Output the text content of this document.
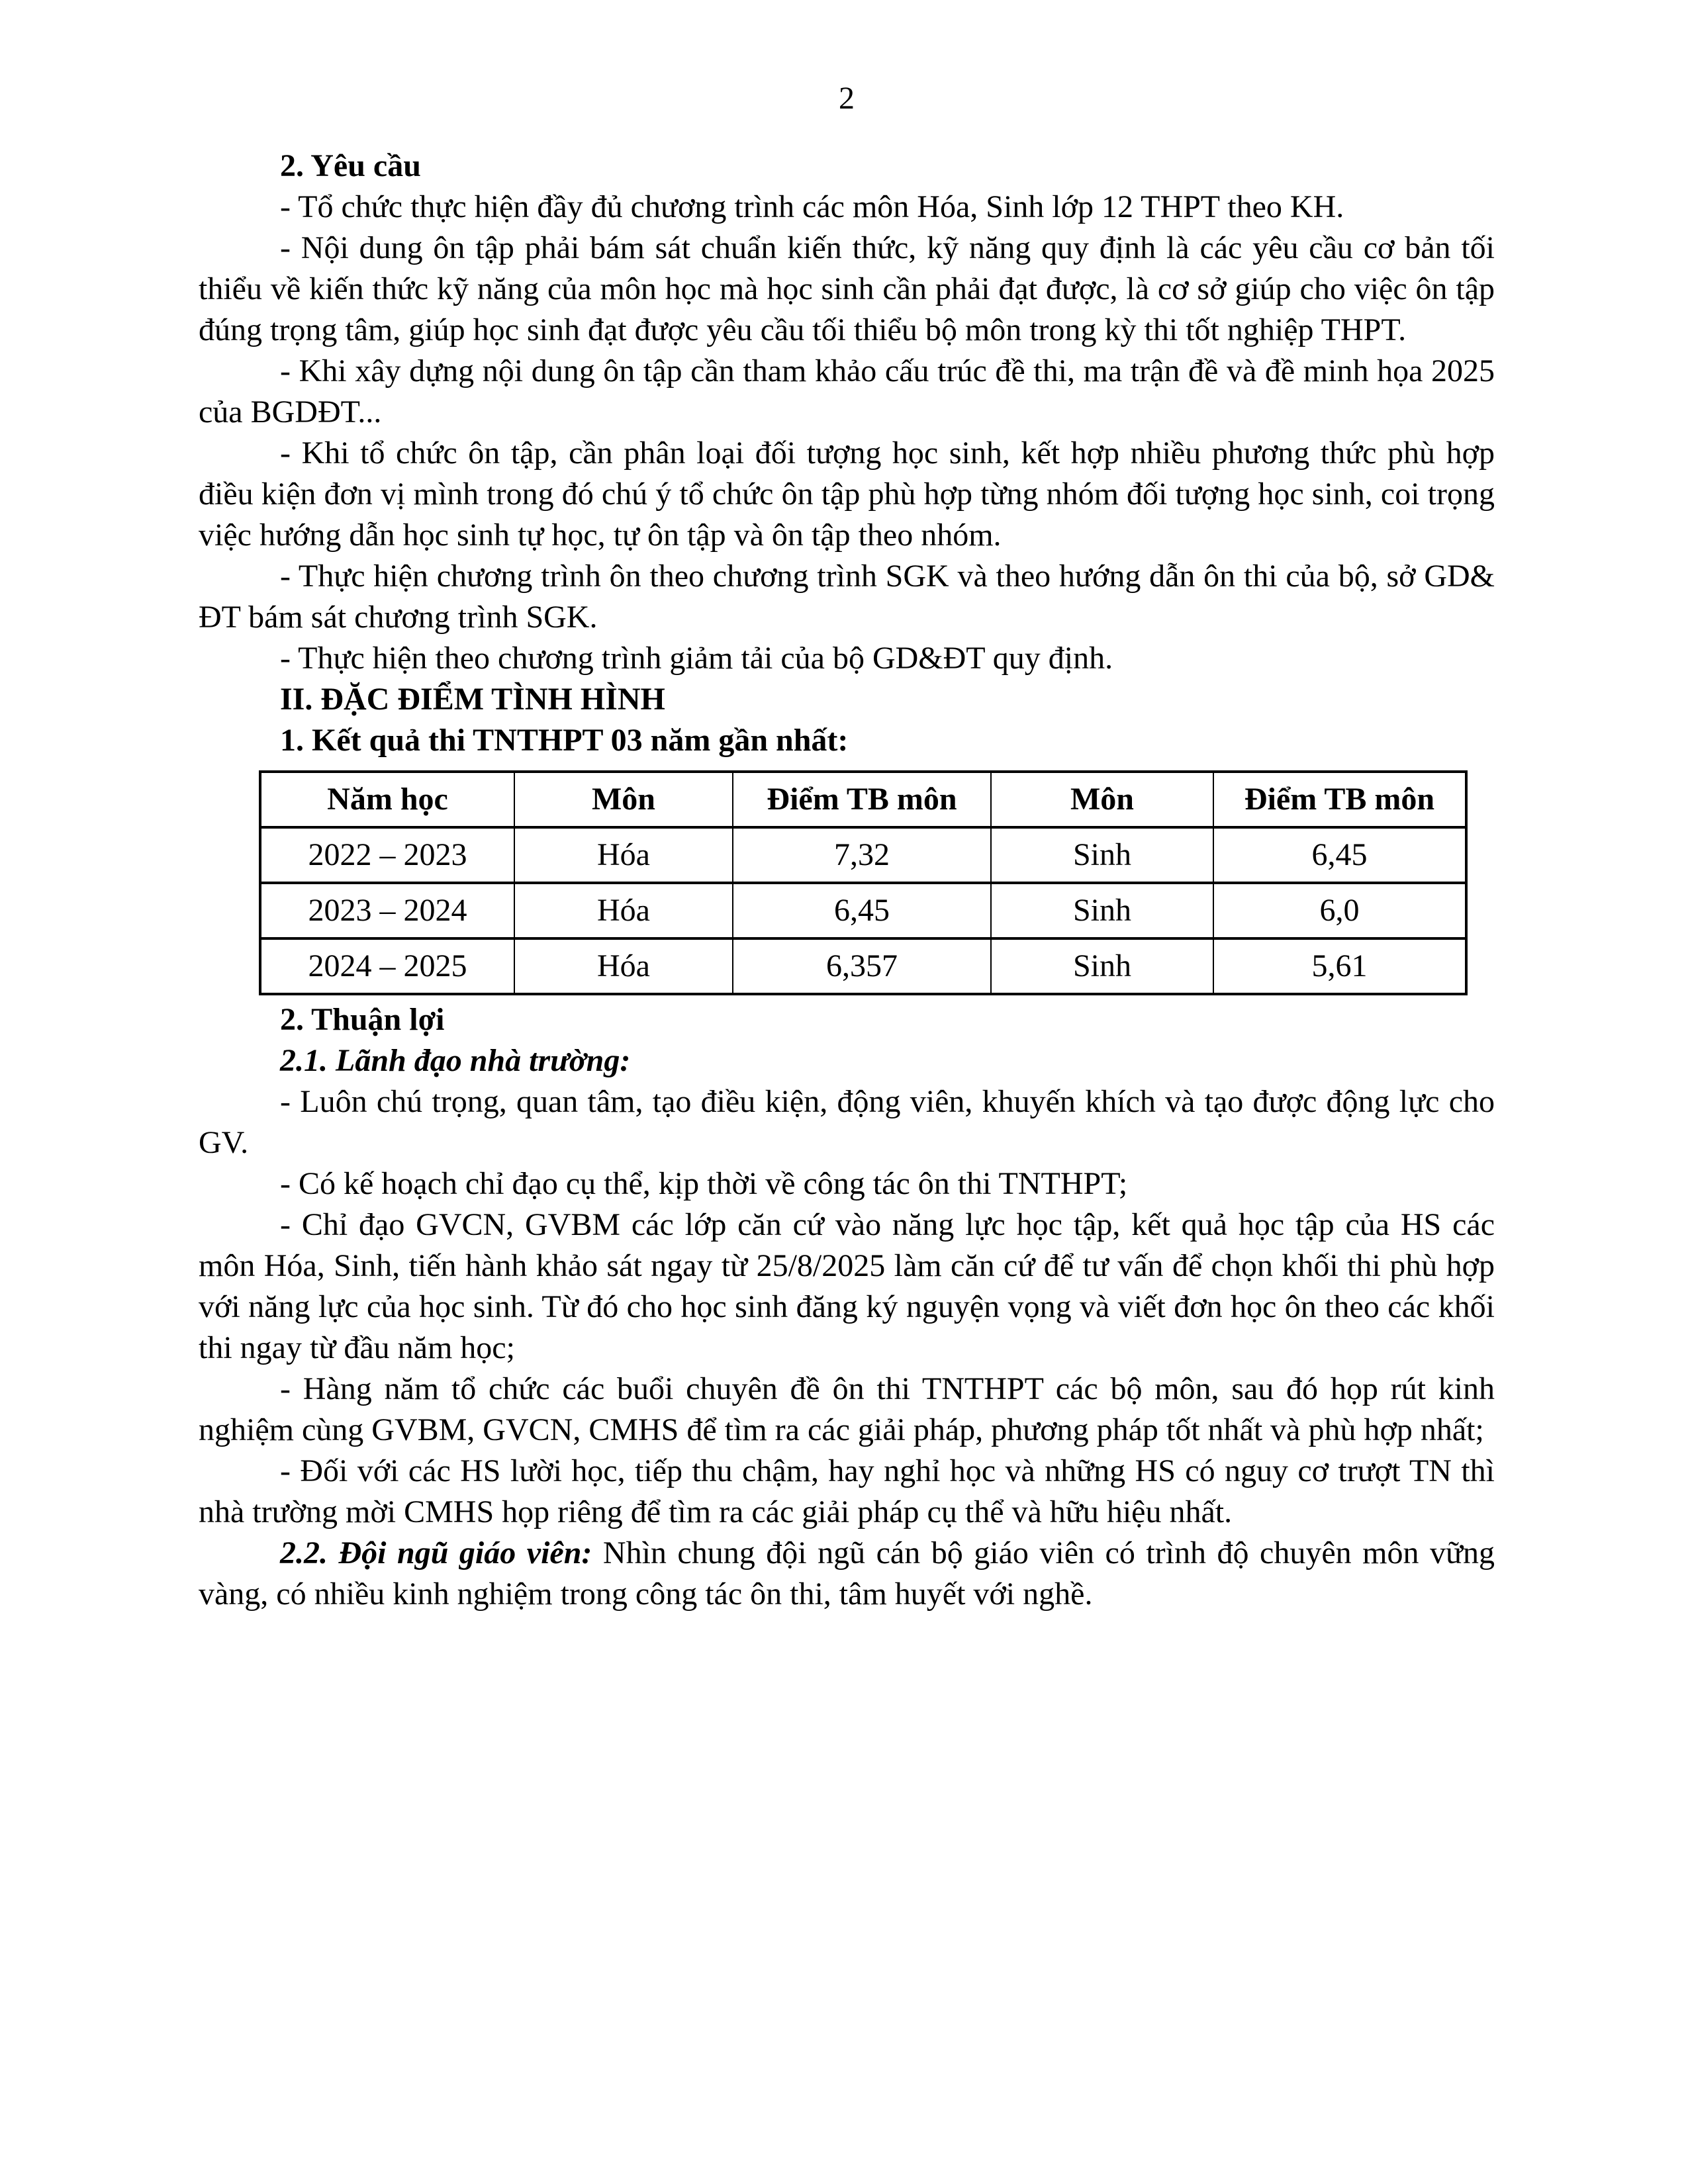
2
2. Yêu cầu

- Tổ chức thực hiện đầy đủ chương trình các môn Hóa, Sinh lớp 12 THPT theo KH.

- Nội dung ôn tập phải bám sát chuẩn kiến thức, kỹ năng quy định là các yêu cầu cơ bản tối thiểu về kiến thức kỹ năng của môn học mà học sinh cần phải đạt được, là cơ sở giúp cho việc ôn tập đúng trọng tâm, giúp học sinh đạt được yêu cầu tối thiểu bộ môn trong kỳ thi tốt nghiệp THPT.

- Khi xây dựng nội dung ôn tập cần tham khảo cấu trúc đề thi, ma trận đề và đề minh họa 2025 của BGDĐT...

- Khi tổ chức ôn tập, cần phân loại đối tượng học sinh, kết hợp nhiều phương thức phù hợp điều kiện đơn vị mình trong đó chú ý tổ chức ôn tập phù hợp từng nhóm đối tượng học sinh, coi trọng việc hướng dẫn học sinh tự học, tự ôn tập và ôn tập theo nhóm.

- Thực hiện chương trình ôn theo chương trình SGK và theo hướng dẫn ôn thi của bộ, sở GD& ĐT bám sát chương trình SGK.

- Thực hiện theo chương trình giảm tải của bộ GD&ĐT quy định.

II. ĐẶC ĐIỂM TÌNH HÌNH
1. Kết quả thi TNTHPT 03 năm gần nhất:
Năm học	Môn	Điểm TB môn	Môn	Điểm TB môn
2022 – 2023	Hóa	7,32	Sinh	6,45
2023 – 2024	Hóa	6,45	Sinh	6,0
2024 – 2025	Hóa	6,357	Sinh	5,61
2. Thuận lợi
2.1. Lãnh đạo nhà trường:

- Luôn chú trọng, quan tâm, tạo điều kiện, động viên, khuyến khích và tạo được động lực cho GV.

- Có kế hoạch chỉ đạo cụ thể, kịp thời về công tác ôn thi TNTHPT;

- Chỉ đạo GVCN, GVBM các lớp căn cứ vào năng lực học tập, kết quả học tập của HS các môn Hóa, Sinh, tiến hành khảo sát ngay từ 25/8/2025 làm căn cứ để tư vấn để chọn khối thi phù hợp với năng lực của học sinh. Từ đó cho học sinh đăng ký nguyện vọng và viết đơn học ôn theo các khối thi ngay từ đầu năm học;

- Hàng năm tổ chức các buổi chuyên đề ôn thi TNTHPT các bộ môn, sau đó họp rút kinh nghiệm cùng GVBM, GVCN, CMHS để tìm ra các giải pháp, phương pháp tốt nhất và phù hợp nhất;

- Đối với các HS lười học, tiếp thu chậm, hay nghỉ học và những HS có nguy cơ trượt TN thì nhà trường mời CMHS họp riêng để tìm ra các giải pháp cụ thể và hữu hiệu nhất.

2.2. Đội ngũ giáo viên: Nhìn chung đội ngũ cán bộ giáo viên có trình độ chuyên môn vững vàng, có nhiều kinh nghiệm trong công tác ôn thi, tâm huyết với nghề.
